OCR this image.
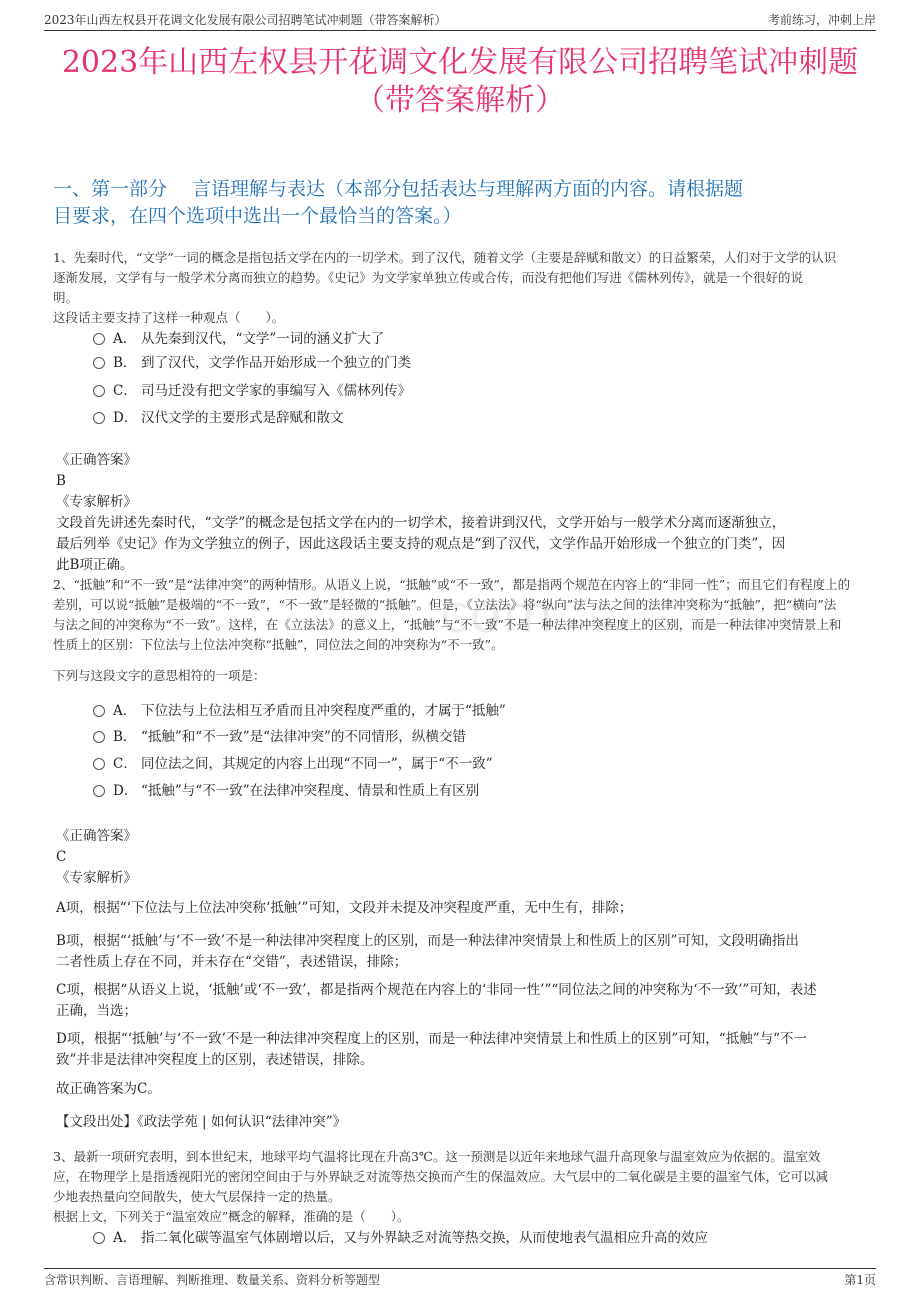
2023年山西左权县开花调文化发展有限公司招聘笔试冲刺题（带答案解析）	考前练习，冲刺上岸
2023年山西左权县开花调文化发展有限公司招聘笔试冲刺题
（带答案解析）
一、第一部分　 言语理解与表达（本部分包括表达与理解两方面的内容。请根据题
目要求，在四个选项中选出一个最恰当的答案。）
com
1、先秦时代，“文学”一词的概念是指包括文学在内的一切学术。到了汉代，随着文学（主要是辞赋和散文）的日益繁荣，人们对于文学的认识
逐渐发展，文学有与一般学术分离而独立的趋势。《史记》为文学家单独立传或合传，而没有把他们写进《儒林列传》，就是一个很好的说
明。
这段话主要支持了这样一种观点（　　）。
A． 从先秦到汉代，“文学”一词的涵义扩大了
B． 到了汉代，文学作品开始形成一个独立的门类
C． 司马迁没有把文学家的事编写入《儒林列传》
D． 汉代文学的主要形式是辞赋和散文
《正确答案》
B
《专家解析》
文段首先讲述先秦时代，“文学”的概念是包括文学在内的一切学术，接着讲到汉代，文学开始与一般学术分离而逐渐独立，
最后列举《史记》作为文学独立的例子，因此这段话主要支持的观点是“到了汉代，文学作品开始形成一个独立的门类”，因
此B项正确。
2、“抵触”和“不一致”是“法律冲突”的两种情形。从语义上说，“抵触”或“不一致”，都是指两个规范在内容上的“非同一性”；而且它们有程度上的
差别，可以说“抵触”是极端的“不一致”，“不一致”是轻微的“抵触”。但是，《立法法》将“纵向”法与法之间的法律冲突称为“抵触”，把“横向”法
与法之间的冲突称为“不一致”。这样，在《立法法》的意义上，“抵触”与“不一致”不是一种法律冲突程度上的区别，而是一种法律冲突情景上和
性质上的区别：下位法与上位法冲突称“抵触”，同位法之间的冲突称为“不一致”。
下列与这段文字的意思相符的一项是：
A． 下位法与上位法相互矛盾而且冲突程度严重的，才属于“抵触”
B． “抵触”和“不一致”是“法律冲突”的不同情形，纵横交错
C． 同位法之间，其规定的内容上出现“不同一”，属于“不一致”
D． “抵触”与“不一致”在法律冲突程度、情景和性质上有区别
《正确答案》
C
《专家解析》
A项，根据“‘下位法与上位法冲突称‘抵触’”可知，文段并未提及冲突程度严重，无中生有，排除；
B项，根据“‘抵触’与‘不一致’不是一种法律冲突程度上的区别，而是一种法律冲突情景上和性质上的区别”可知，文段明确指出
二者性质上存在不同，并未存在“交错”，表述错误，排除；
C项，根据“从语义上说，‘抵触’或‘不一致’，都是指两个规范在内容上的‘非同一性’”“同位法之间的冲突称为‘不一致’”可知，表述
正确，当选；
D项，根据“‘抵触’与‘不一致’不是一种法律冲突程度上的区别，而是一种法律冲突情景上和性质上的区别”可知，“抵触”与“不一
致”并非是法律冲突程度上的区别，表述错误，排除。
故正确答案为C。
【文段出处】《政法学苑 | 如何认识“法律冲突”》
3、最新一项研究表明，到本世纪末，地球平均气温将比现在升高3℃。这一预测是以近年来地球气温升高现象与温室效应为依据的。温室效
应，在物理学上是指透视阳光的密闭空间由于与外界缺乏对流等热交换而产生的保温效应。大气层中的二氧化碳是主要的温室气体，它可以减
少地表热量向空间散失，使大气层保持一定的热量。
根据上文，下列关于“温室效应”概念的解释，准确的是（　　）。
A． 指二氧化碳等温室气体剧增以后，又与外界缺乏对流等热交换，从而使地表气温相应升高的效应
含常识判断、言语理解、判断推理、数量关系、资料分析等题型	第1页
